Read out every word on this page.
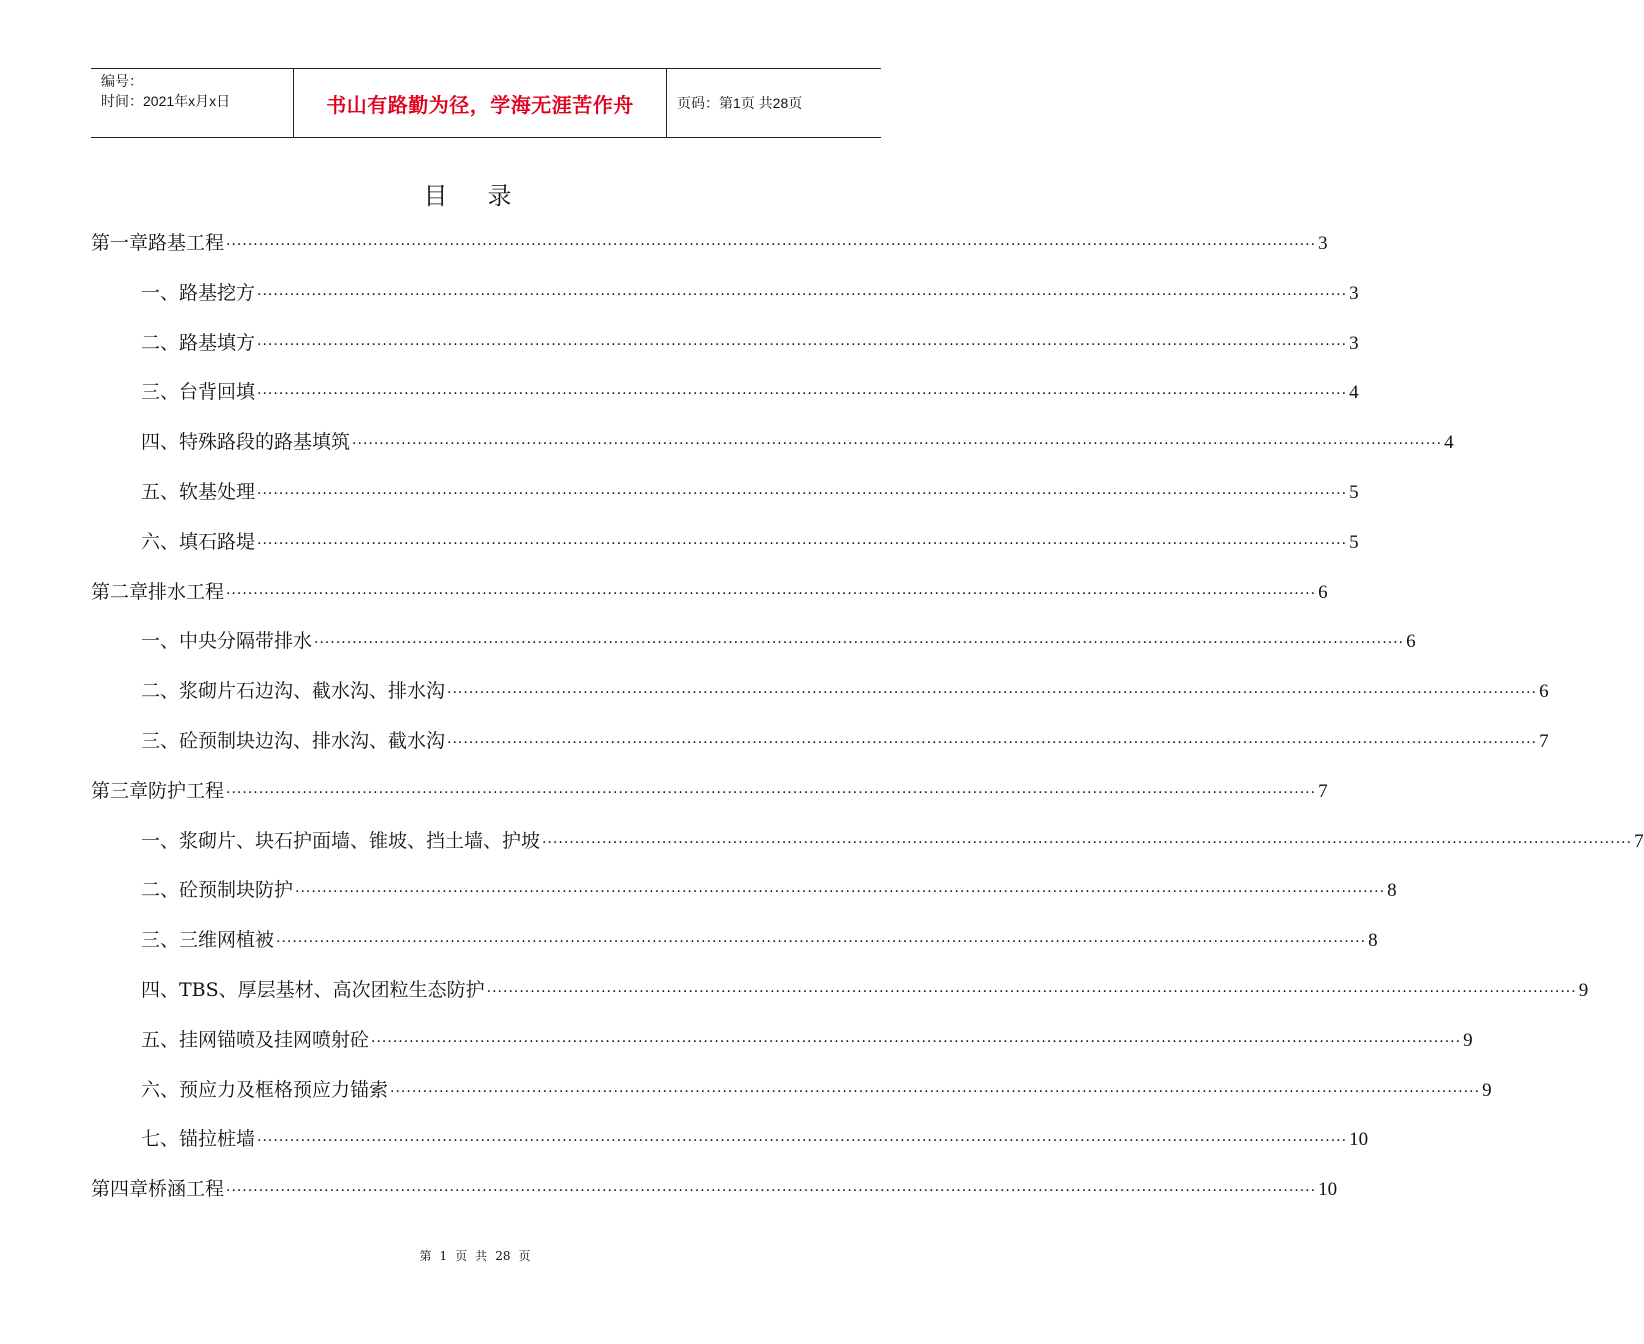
编号：
时间：2021年x月x日	书山有路勤为径，学海无涯苦作舟	页码：第1页 共28页
目录
第一章 路基工程 ········································································································································································································ 3
一、路基挖方 ········································································································································································································ 3
二、路基填方 ········································································································································································································ 3
三、台背回填 ········································································································································································································ 4
四、特殊路段的路基填筑 ········································································································································································································ 4
五、软基处理 ········································································································································································································ 5
六、填石路堤 ········································································································································································································ 5
第二章 排水工程 ········································································································································································································ 6
一、中央分隔带排水 ········································································································································································································ 6
二、浆砌片石边沟、截水沟、排水沟 ········································································································································································································ 6
三、砼预制块边沟、排水沟、截水沟 ········································································································································································································ 7
第三章 防护工程 ········································································································································································································ 7
一、浆砌片、块石护面墙、锥坡、挡土墙、护坡 ········································································································································································································ 7
二、砼预制块防护 ········································································································································································································ 8
三、三维网植被 ········································································································································································································ 8
四、TBS、厚层基材、高次团粒生态防护 ········································································································································································································ 9
五、挂网锚喷及挂网喷射砼 ········································································································································································································ 9
六、预应力及框格预应力锚索 ········································································································································································································ 9
七、锚拉桩墙 ········································································································································································································ 10
第四章 桥涵工程 ········································································································································································································ 10
第 1 页 共 28 页
